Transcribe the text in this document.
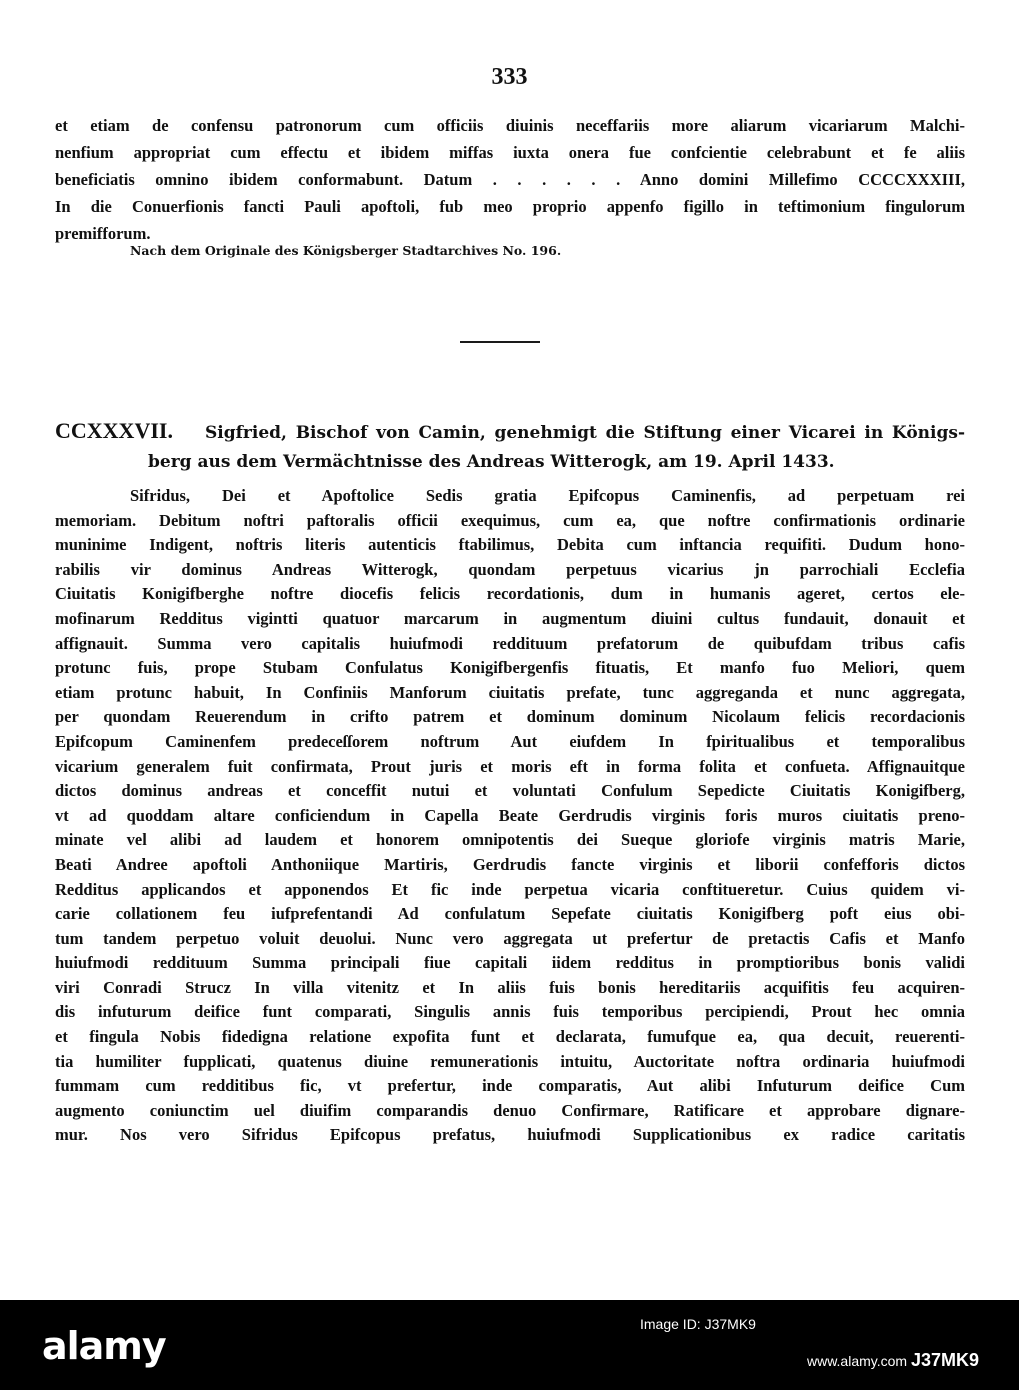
333
et etiam de confensu patronorum cum officiis diuinis neceffariis more aliarum vicariarum Malchi-
nenfium appropriat cum effectu et ibidem miffas iuxta onera fue confcientie celebrabunt et fe aliis
beneficiatis omnino ibidem conformabunt. Datum . . . . . . Anno domini Millefimo CCCCXXXIII,
In die Conuerfionis fancti Pauli apoftoli, fub meo proprio appenfo figillo in teftimonium fingulorum
premifforum.
Nach dem Originale des Königsberger Stadtarchives No. 196.
CCXXXVII. Sigfried, Bischof von Camin, genehmigt die Stiftung einer Vicarei in Königs-
berg aus dem Vermächtnisse des Andreas Witterogk, am 19. April 1433.
Sifridus, Dei et Apoftolice Sedis gratia Epifcopus Caminenfis, ad perpetuam rei
memoriam. Debitum noftri paftoralis officii exequimus, cum ea, que noftre confirmationis ordinarie
muninime Indigent, noftris literis autenticis ftabilimus, Debita cum inftancia requifiti. Dudum hono-
rabilis vir dominus Andreas Witterogk, quondam perpetuus vicarius jn parrochiali Ecclefia
Ciuitatis Konigifberghe noftre diocefis felicis recordationis, dum in humanis ageret, certos ele-
mofinarum Redditus vigintti quatuor marcarum in augmentum diuini cultus fundauit, donauit et
affignauit. Summa vero capitalis huiufmodi reddituum prefatorum de quibufdam tribus cafis
protunc fuis, prope Stubam Confulatus Konigifbergenfis fituatis, Et manfo fuo Meliori, quem
etiam protunc habuit, In Confiniis Manforum ciuitatis prefate, tunc aggreganda et nunc aggregata,
per quondam Reuerendum in crifto patrem et dominum dominum Nicolaum felicis recordacionis
Epifcopum Caminenfem predeceſſorem noftrum Aut eiufdem In fpiritualibus et temporalibus
vicarium generalem fuit confirmata, Prout juris et moris eft in forma folita et confueta. Affignauitque
dictos dominus andreas et conceffit nutui et voluntati Confulum Sepedicte Ciuitatis Konigifberg,
vt ad quoddam altare conficiendum in Capella Beate Gerdrudis virginis foris muros ciuitatis preno-
minate vel alibi ad laudem et honorem omnipotentis dei Sueque gloriofe virginis matris Marie,
Beati Andree apoftoli Anthoniique Martiris, Gerdrudis fancte virginis et liborii confefforis dictos
Redditus applicandos et apponendos Et fic inde perpetua vicaria conftitueretur. Cuius quidem vi-
carie collationem feu iufprefentandi Ad confulatum Sepefate ciuitatis Konigifberg poft eius obi-
tum tandem perpetuo voluit deuolui. Nunc vero aggregata ut prefertur de pretactis Cafis et Manfo
huiufmodi reddituum Summa principali fiue capitali iidem redditus in promptioribus bonis validi
viri Conradi Strucz In villa vitenitz et In aliis fuis bonis hereditariis acquifitis feu acquiren-
dis infuturum deifice funt comparati, Singulis annis fuis temporibus percipiendi, Prout hec omnia
et fingula Nobis fidedigna relatione expofita funt et declarata, fumufque ea, qua decuit, reuerenti-
tia humiliter fupplicati, quatenus diuine remunerationis intuitu, Auctoritate noftra ordinaria huiufmodi
fummam cum redditibus fic, vt prefertur, inde comparatis, Aut alibi Infuturum deifice Cum
augmento coniunctim uel diuifim comparandis denuo Confirmare, Ratificare et approbare dignare-
mur. Nos vero Sifridus Epifcopus prefatus, huiufmodi Supplicationibus ex radice caritatis
alamy	Image ID: J37MK9
www.alamy.com J37MK9
